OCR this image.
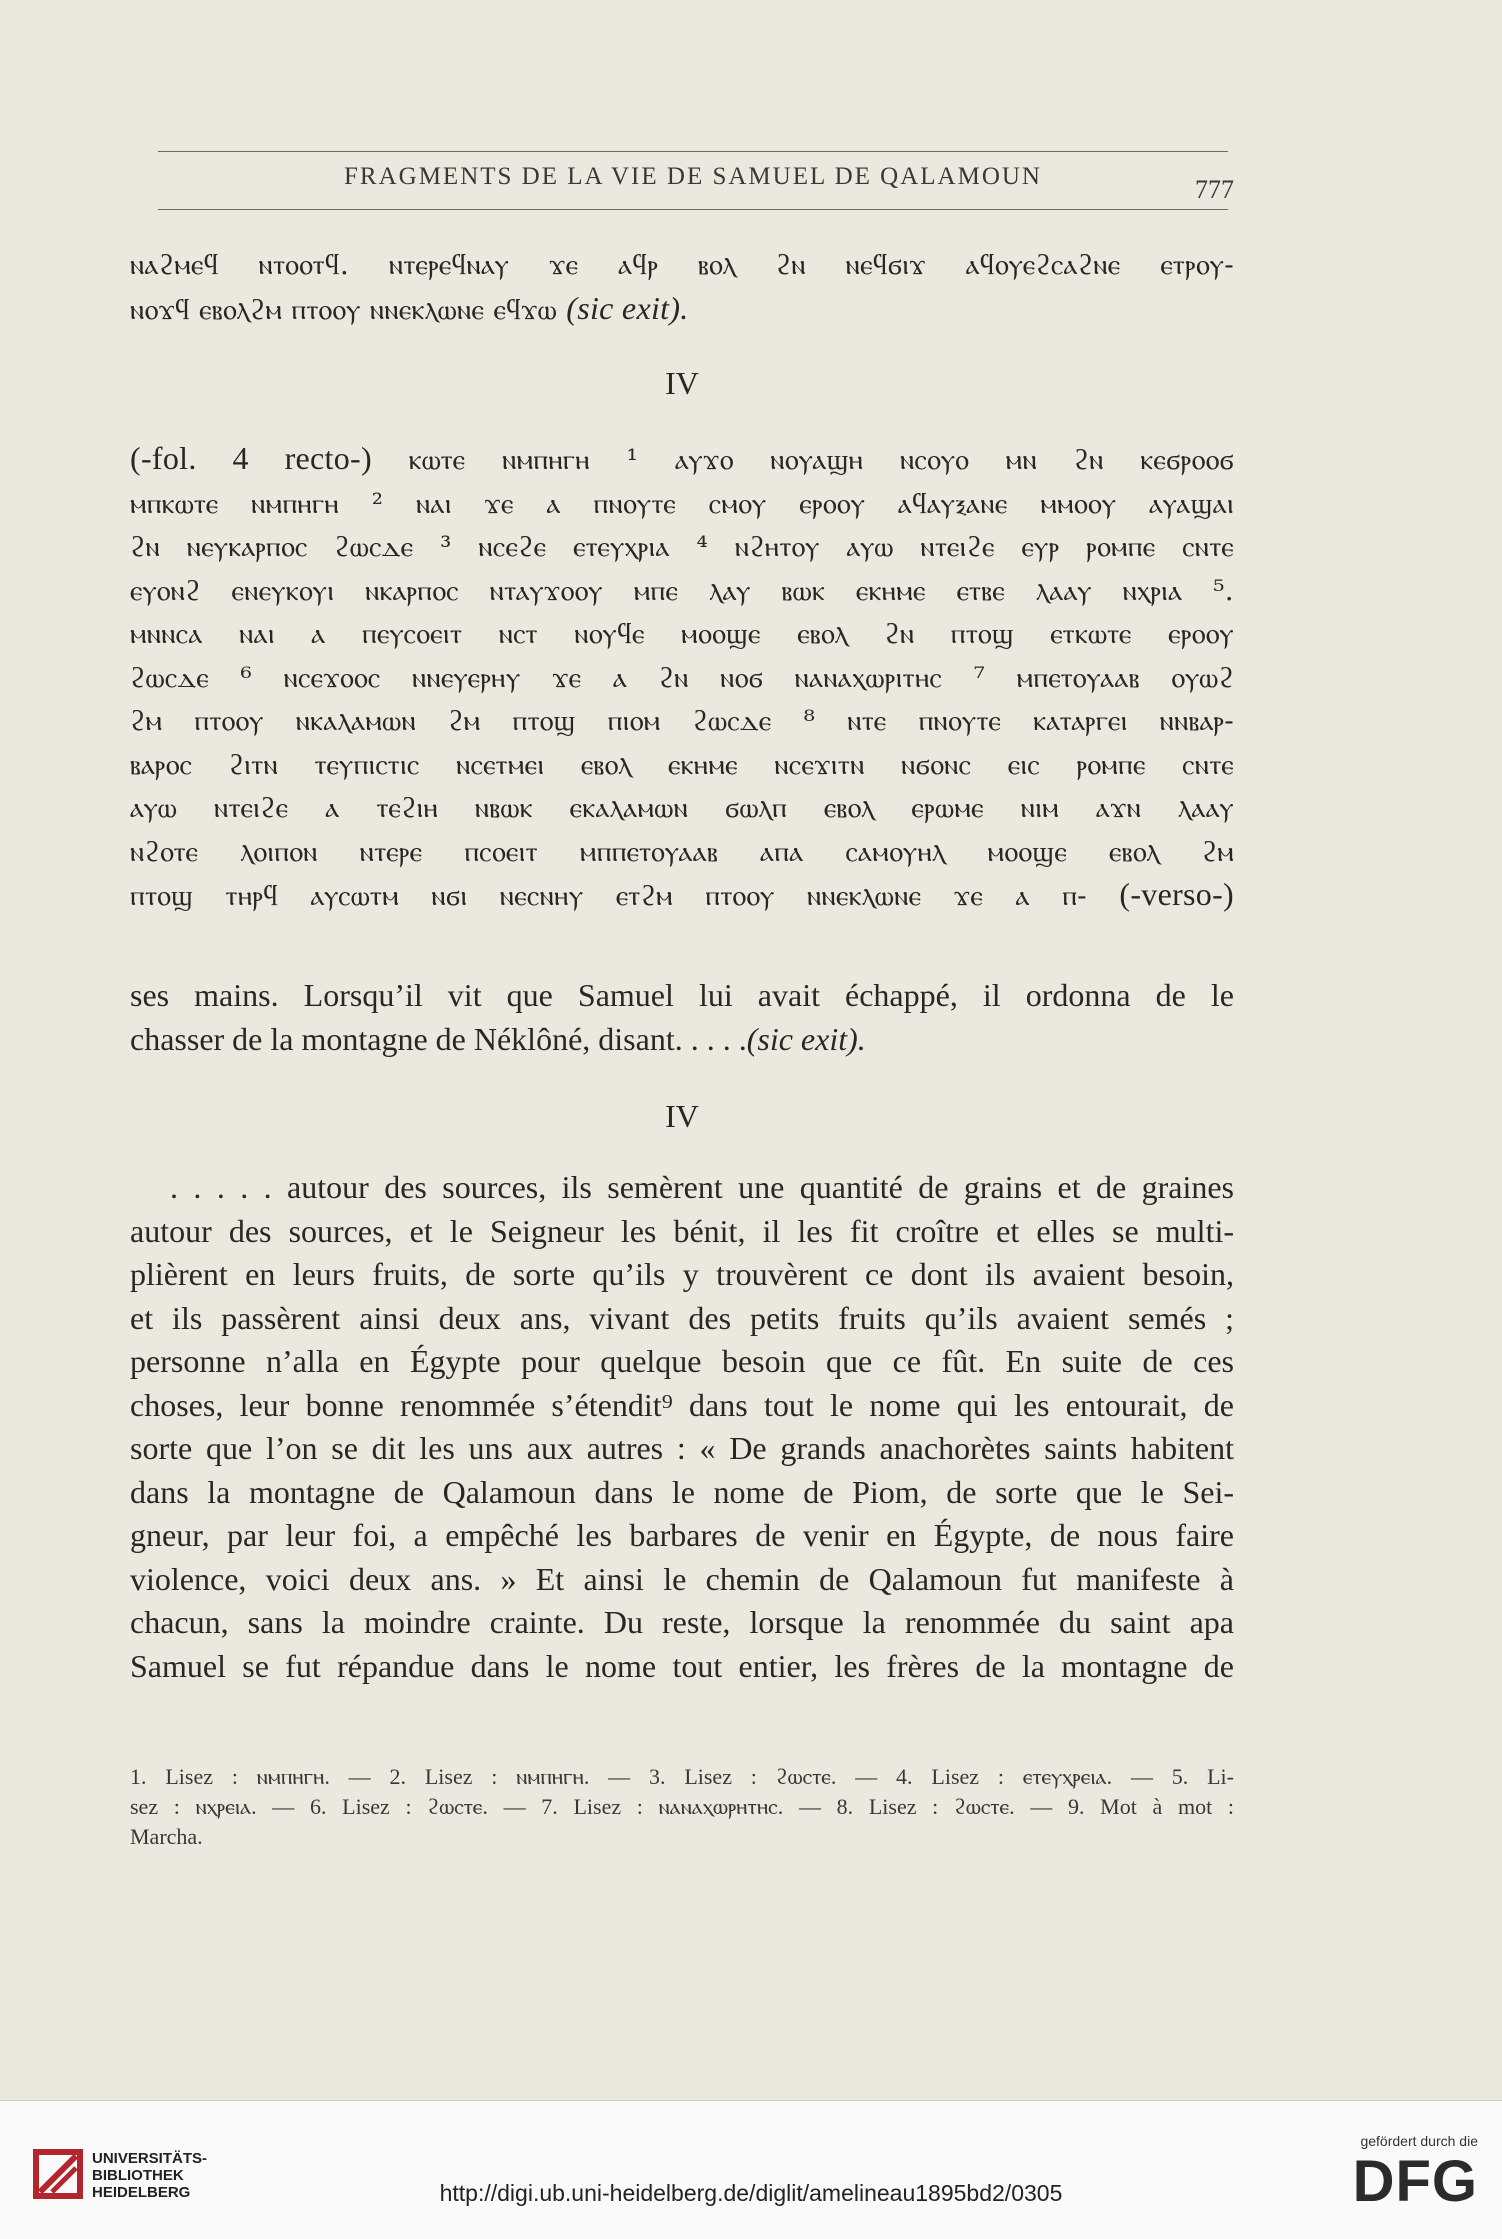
FRAGMENTS DE LA VIE DE SAMUEL DE QALAMOUN	777
ⲛⲁϩⲙⲉϥ ⲛⲧⲟⲟⲧϥ. ⲛⲧⲉⲣⲉϥⲛⲁⲩ ϫⲉ ⲁϥⲣ ⲃⲟⲗ ϩⲛ ⲛⲉϥϭⲓϫ ⲁϥⲟⲩⲉϩⲥⲁϩⲛⲉ ⲉⲧⲣⲟⲩ-
ⲛⲟϫϥ ⲉⲃⲟⲗϩⲙ ⲡⲧⲟⲟⲩ ⲛⲛⲉⲕⲗⲱⲛⲉ ⲉϥϫⲱ (sic exit).
IV
(-fol. 4 recto-) ⲕⲱⲧⲉ ⲛⲙⲡⲏⲅⲏ ¹ ⲁⲩϫⲟ ⲛⲟⲩⲁϣⲏ ⲛⲥⲟⲩⲟ ⲙⲛ ϩⲛ ⲕⲉϭⲣⲟⲟϭ
ⲙⲡⲕⲱⲧⲉ ⲛⲙⲡⲏⲅⲏ ² ⲛⲁⲓ ϫⲉ ⲁ ⲡⲛⲟⲩⲧⲉ ⲥⲙⲟⲩ ⲉⲣⲟⲟⲩ ⲁϥⲁⲩⲝⲁⲛⲉ ⲙⲙⲟⲟⲩ ⲁⲩⲁϣⲁⲓ
ϩⲛ ⲛⲉⲩⲕⲁⲣⲡⲟⲥ ϩⲱⲥⲇⲉ ³ ⲛⲥⲉϩⲉ ⲉⲧⲉⲩⲭⲣⲓⲁ ⁴ ⲛϩⲏⲧⲟⲩ ⲁⲩⲱ ⲛⲧⲉⲓϩⲉ ⲉⲩⲣ ⲣⲟⲙⲡⲉ ⲥⲛⲧⲉ
ⲉⲩⲟⲛϩ ⲉⲛⲉⲩⲕⲟⲩⲓ ⲛⲕⲁⲣⲡⲟⲥ ⲛⲧⲁⲩϫⲟⲟⲩ ⲙⲡⲉ ⲗⲁⲩ ⲃⲱⲕ ⲉⲕⲏⲙⲉ ⲉⲧⲃⲉ ⲗⲁⲁⲩ ⲛⲭⲣⲓⲁ ⁵.
ⲙⲛⲛⲥⲁ ⲛⲁⲓ ⲁ ⲡⲉⲩⲥⲟⲉⲓⲧ ⲛⲥⲧ ⲛⲟⲩϥⲉ ⲙⲟⲟϣⲉ ⲉⲃⲟⲗ ϩⲛ ⲡⲧⲟϣ ⲉⲧⲕⲱⲧⲉ ⲉⲣⲟⲟⲩ
ϩⲱⲥⲇⲉ ⁶ ⲛⲥⲉϫⲟⲟⲥ ⲛⲛⲉⲩⲉⲣⲏⲩ ϫⲉ ⲁ ϩⲛ ⲛⲟϭ ⲛⲁⲛⲁⲭⲱⲣⲓⲧⲏⲥ ⁷ ⲙⲡⲉⲧⲟⲩⲁⲁⲃ ⲟⲩⲱϩ
ϩⲙ ⲡⲧⲟⲟⲩ ⲛⲕⲁⲗⲁⲙⲱⲛ ϩⲙ ⲡⲧⲟϣ ⲡⲓⲟⲙ ϩⲱⲥⲇⲉ ⁸ ⲛⲧⲉ ⲡⲛⲟⲩⲧⲉ ⲕⲁⲧⲁⲣⲅⲉⲓ ⲛⲛⲃⲁⲣ-
ⲃⲁⲣⲟⲥ ϩⲓⲧⲛ ⲧⲉⲩⲡⲓⲥⲧⲓⲥ ⲛⲥⲉⲧⲙⲉⲓ ⲉⲃⲟⲗ ⲉⲕⲏⲙⲉ ⲛⲥⲉϫⲓⲧⲛ ⲛϭⲟⲛⲥ ⲉⲓⲥ ⲣⲟⲙⲡⲉ ⲥⲛⲧⲉ
ⲁⲩⲱ ⲛⲧⲉⲓϩⲉ ⲁ ⲧⲉϩⲓⲏ ⲛⲃⲱⲕ ⲉⲕⲁⲗⲁⲙⲱⲛ ϭⲱⲗⲡ ⲉⲃⲟⲗ ⲉⲣⲱⲙⲉ ⲛⲓⲙ ⲁϫⲛ ⲗⲁⲁⲩ
ⲛϩⲟⲧⲉ ⲗⲟⲓⲡⲟⲛ ⲛⲧⲉⲣⲉ ⲡⲥⲟⲉⲓⲧ ⲙⲡⲡⲉⲧⲟⲩⲁⲁⲃ ⲁⲡⲁ ⲥⲁⲙⲟⲩⲏⲗ ⲙⲟⲟϣⲉ ⲉⲃⲟⲗ ϩⲙ
ⲡⲧⲟϣ ⲧⲏⲣϥ ⲁⲩⲥⲱⲧⲙ ⲛϭⲓ ⲛⲉⲥⲛⲏⲩ ⲉⲧϩⲙ ⲡⲧⲟⲟⲩ ⲛⲛⲉⲕⲗⲱⲛⲉ ϫⲉ ⲁ ⲡ- (-verso-)
ses mains. Lorsqu’il vit que Samuel lui avait échappé, il ordonna de le
chasser de la montagne de Néklôné, disant. . . . .(sic exit).
IV
. . . . . autour des sources, ils semèrent une quantité de grains et de graines
autour des sources, et le Seigneur les bénit, il les fit croître et elles se multi-
plièrent en leurs fruits, de sorte qu’ils y trouvèrent ce dont ils avaient besoin,
et ils passèrent ainsi deux ans, vivant des petits fruits qu’ils avaient semés ;
personne n’alla en Égypte pour quelque besoin que ce fût. En suite de ces
choses, leur bonne renommée s’étendit⁹ dans tout le nome qui les entourait, de
sorte que l’on se dit les uns aux autres : « De grands anachorètes saints habitent
dans la montagne de Qalamoun dans le nome de Piom, de sorte que le Sei-
gneur, par leur foi, a empêché les barbares de venir en Égypte, de nous faire
violence, voici deux ans. » Et ainsi le chemin de Qalamoun fut manifeste à
chacun, sans la moindre crainte. Du reste, lorsque la renommée du saint apa
Samuel se fut répandue dans le nome tout entier, les frères de la montagne de
1. Lisez : ⲛⲙⲡⲏⲅⲏ. — 2. Lisez : ⲛⲙⲡⲏⲅⲏ. — 3. Lisez : ϩⲱⲥⲧⲉ. — 4. Lisez : ⲉⲧⲉⲩⲭⲣⲉⲓⲁ. — 5. Li-
sez : ⲛⲭⲣⲉⲓⲁ. — 6. Lisez : ϩⲱⲥⲧⲉ. — 7. Lisez : ⲛⲁⲛⲁⲭⲱⲣⲏⲧⲏⲥ. — 8. Lisez : ϩⲱⲥⲧⲉ. — 9. Mot à mot :
Marcha.
UNIVERSITÄTS-
BIBLIOTHEK
HEIDELBERG	http://digi.ub.uni-heidelberg.de/diglit/amelineau1895bd2/0305
gefördert durch die
DFG
